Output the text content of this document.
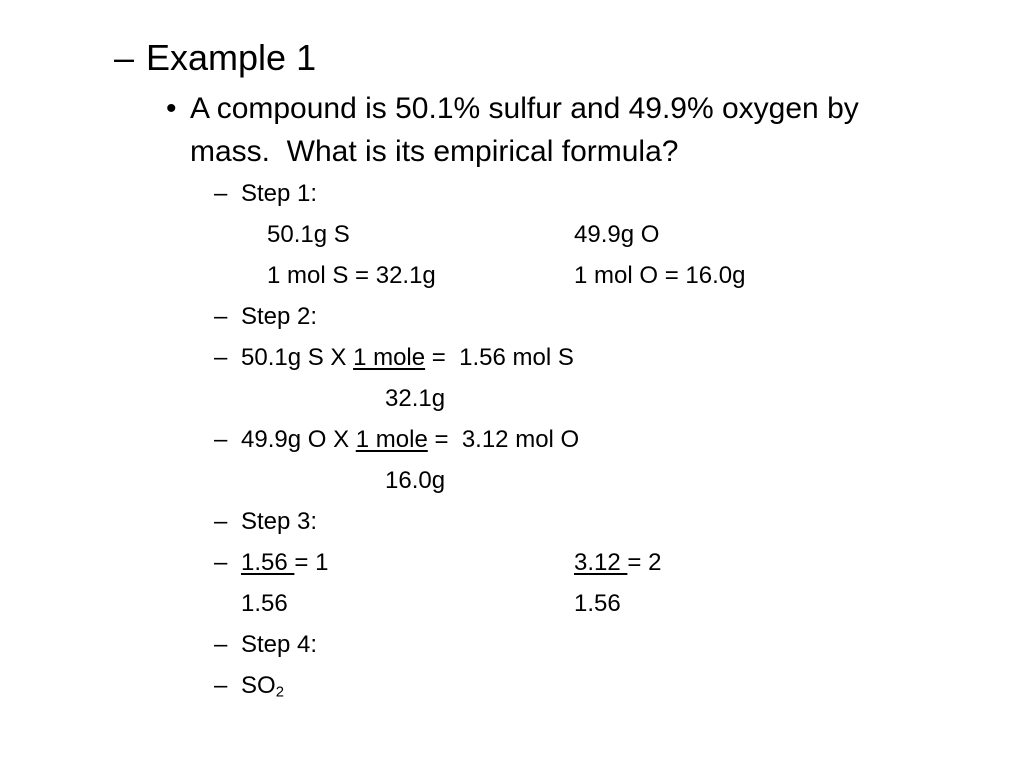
– Example 1
• A compound is 50.1% sulfur and 49.9% oxygen by
mass.  What is its empirical formula?
– Step 1:
50.1g S	49.9g O
1 mol S = 32.1g	1 mol O = 16.0g
– Step 2:
– 50.1g S X 1 mole =  1.56 mol S
32.1g
– 49.9g O X 1 mole =  3.12 mol O
16.0g
– Step 3:
– 1.56 = 1	3.12 = 2
1.56	1.56
– Step 4:
– $SO_2$
